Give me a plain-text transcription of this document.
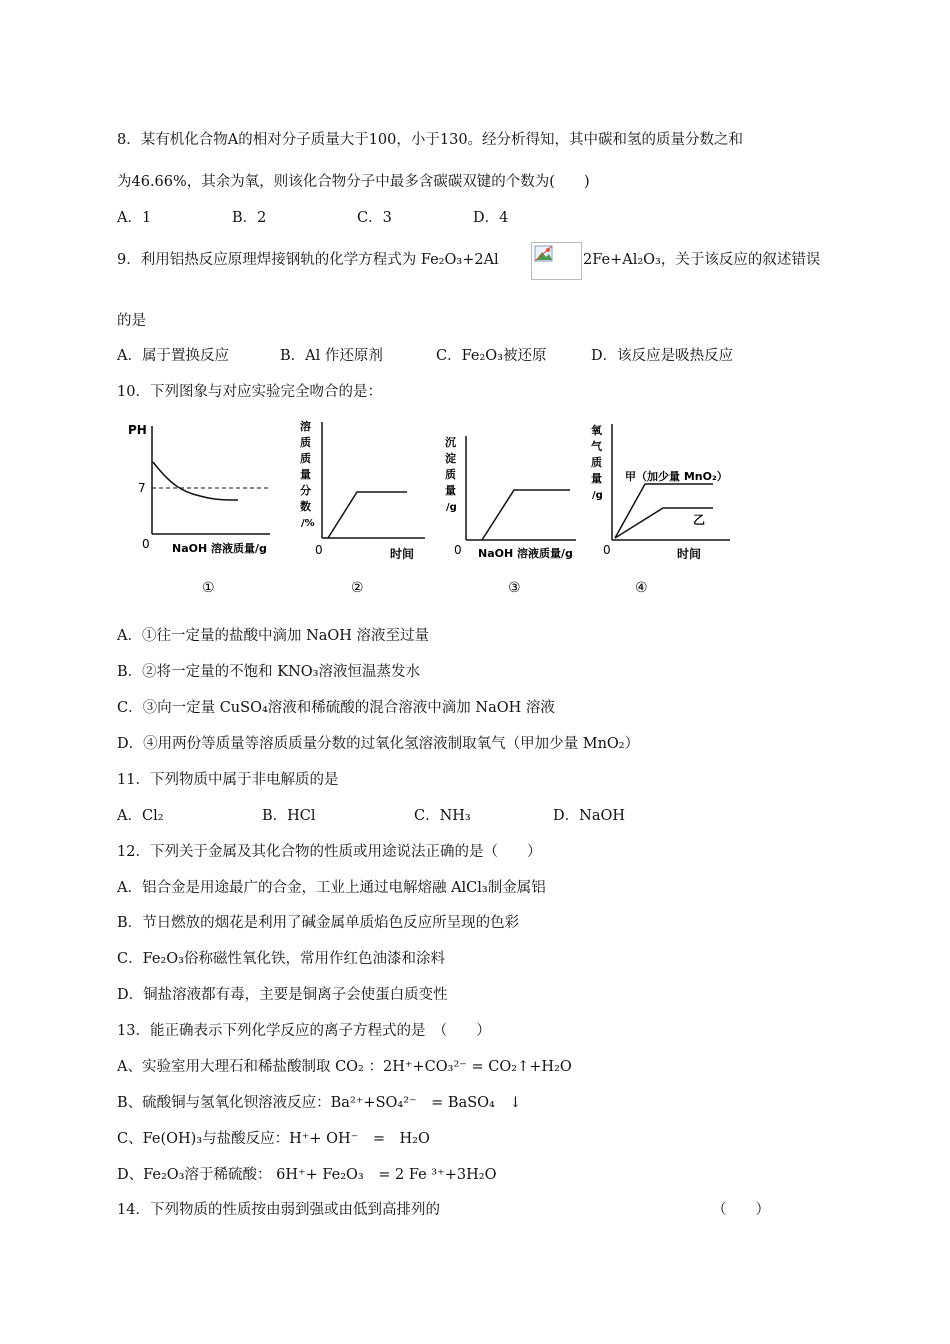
8．某有机化合物A的相对分子质量大于100，小于130。经分析得知，其中碳和氢的质量分数之和
为46.66%，其余为氧，则该化合物分子中最多含碳碳双键的个数为(　　)
A．1	B．2	C．3	D．4
9．利用铝热反应原理焊接钢轨的化学方程式为 Fe₂O₃+2Al	2Fe+Al₂O₃，关于该反应的叙述错误
的是
A．属于置换反应	B．Al 作还原剂	C．Fe₂O₃被还原	D．该反应是吸热反应
10．下列图象与对应实验完全吻合的是：
PH
7
0 NaOH 溶液质量/g
①
溶
质
质
量
分
数
/%
0	时间
②
沉
淀
质
量
/g
0 NaOH 溶液质量/g
③
氧
气
质
量
/g
甲（加少量 MnO₂）
乙
0	时间
④
A．①往一定量的盐酸中滴加 NaOH 溶液至过量
B．②将一定量的不饱和 KNO₃溶液恒温蒸发水
C．③向一定量 CuSO₄溶液和稀硫酸的混合溶液中滴加 NaOH 溶液
D．④用两份等质量等溶质质量分数的过氧化氢溶液制取氧气（甲加少量 MnO₂）
11．下列物质中属于非电解质的是
A．Cl₂	B．HCl	C．NH₃	D．NaOH
12．下列关于金属及其化合物的性质或用途说法正确的是（　　）
A．铝合金是用途最广的合金，工业上通过电解熔融 AlCl₃制金属铝
B．节日燃放的烟花是利用了碱金属单质焰色反应所呈现的色彩
C．Fe₂O₃俗称磁性氧化铁，常用作红色油漆和涂料
D．铜盐溶液都有毒，主要是铜离子会使蛋白质变性
13．能正确表示下列化学反应的离子方程式的是　（　　）
A、实验室用大理石和稀盐酸制取 CO₂ ：2H⁺+CO₃²⁻ = CO₂↑+H₂O
B、硫酸铜与氢氧化钡溶液反应：Ba²⁺+SO₄²⁻　= BaSO₄　↓
C、Fe(OH)₃与盐酸反应：H⁺+ OH⁻　=　H₂O
D、Fe₂O₃溶于稀硫酸： 6H⁺+ Fe₂O₃　= 2 Fe ³⁺+3H₂O
14．下列物质的性质按由弱到强或由低到高排列的	（　　）
